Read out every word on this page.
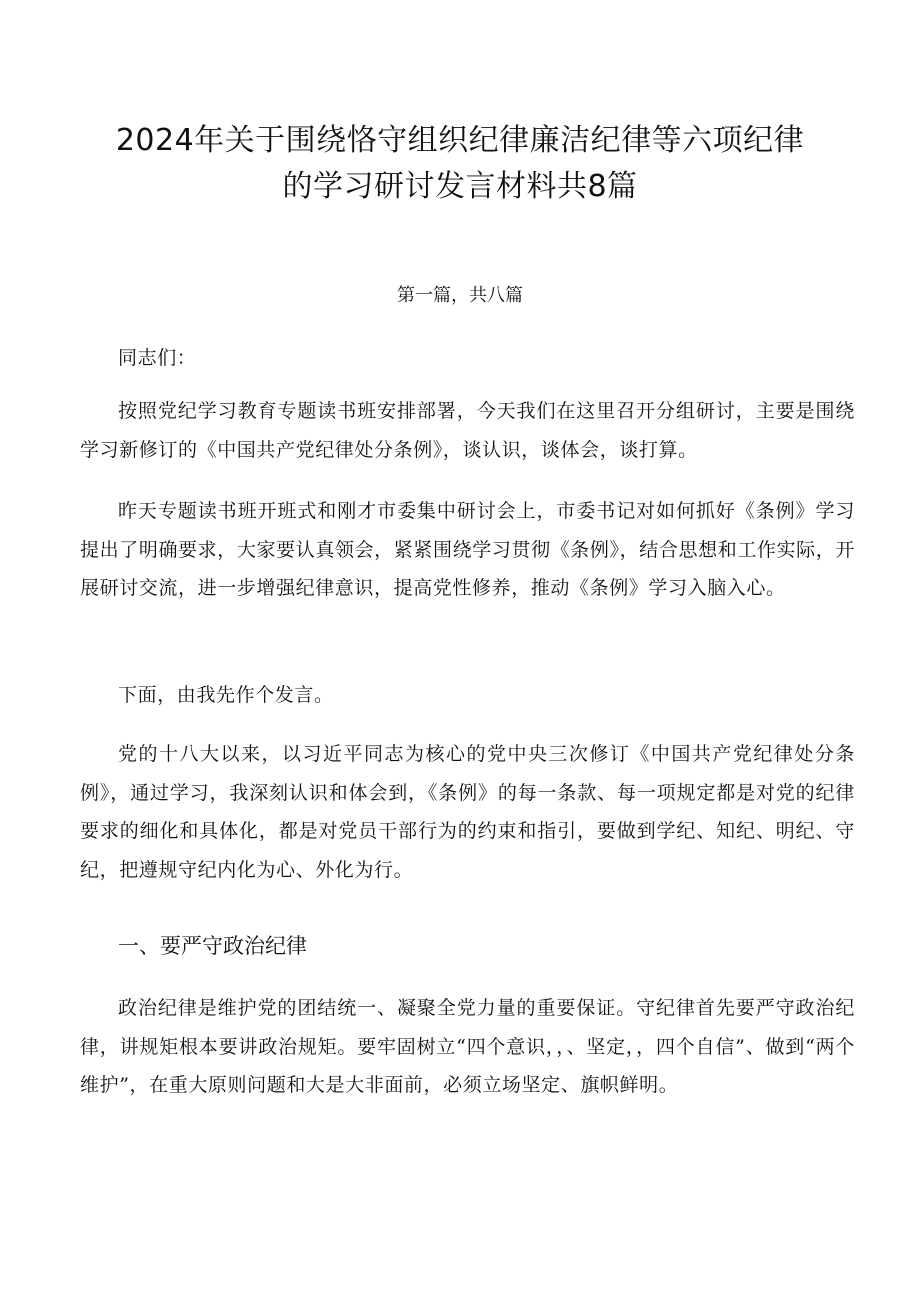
2024年关于围绕恪守组织纪律廉洁纪律等六项纪律
的学习研讨发言材料共8篇

第一篇，共八篇

同志们：

按照党纪学习教育专题读书班安排部署，今天我们在这里召开分组研讨，主要是围绕学习新修订的《中国共产党纪律处分条例》，谈认识，谈体会，谈打算。

昨天专题读书班开班式和刚才市委集中研讨会上，市委书记对如何抓好《条例》学习提出了明确要求，大家要认真领会，紧紧围绕学习贯彻《条例》，结合思想和工作实际，开展研讨交流，进一步增强纪律意识，提高党性修养，推动《条例》学习入脑入心。

下面，由我先作个发言。

党的十八大以来，以习近平同志为核心的党中央三次修订《中国共产党纪律处分条例》，通过学习，我深刻认识和体会到，《条例》的每一条款、每一项规定都是对党的纪律要求的细化和具体化，都是对党员干部行为的约束和指引，要做到学纪、知纪、明纪、守纪，把遵规守纪内化为心、外化为行。

一、要严守政治纪律

政治纪律是维护党的团结统一、凝聚全党力量的重要保证。守纪律首先要严守政治纪律，讲规矩根本要讲政治规矩。要牢固树立“四个意识，，、坚定，，四个自信”、做到“两个维护”，在重大原则问题和大是大非面前，必须立场坚定、旗帜鲜明。
